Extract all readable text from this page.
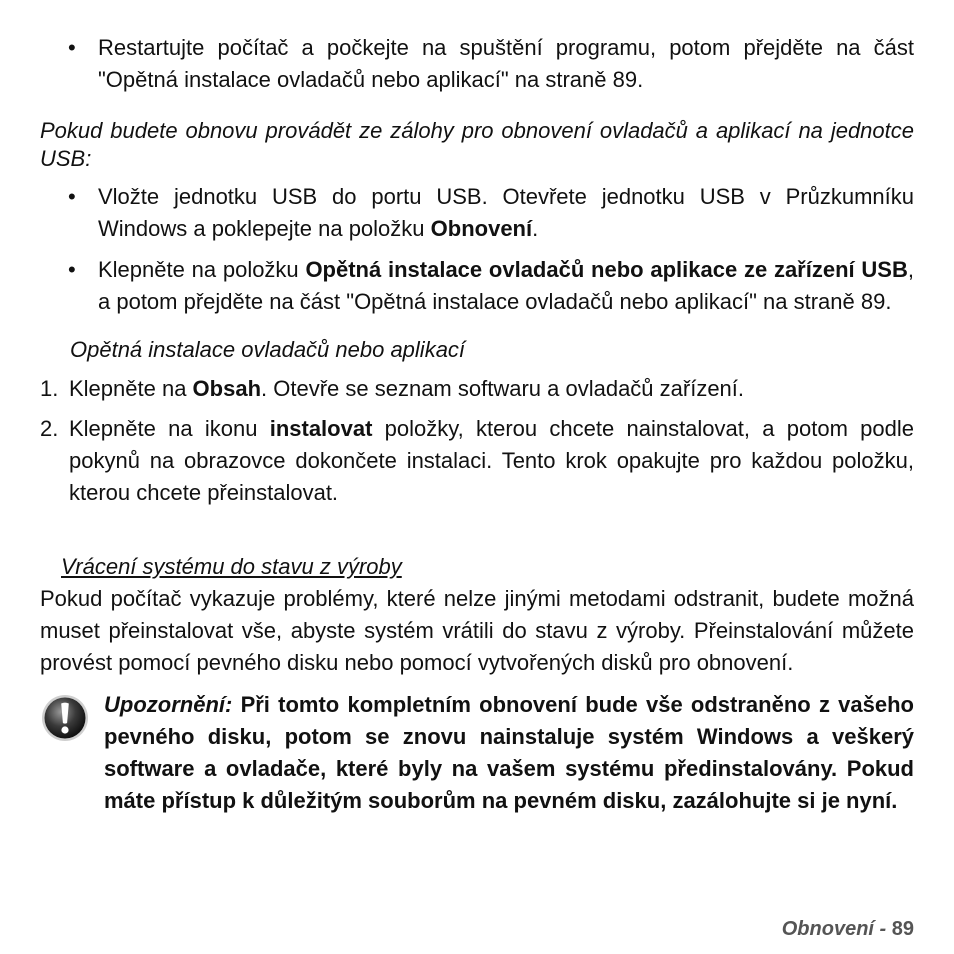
• Restartujte počítač a počkejte na spuštění programu, potom přejděte na část "Opětná instalace ovladačů nebo aplikací" na straně 89.

Pokud budete obnovu provádět ze zálohy pro obnovení ovladačů a aplikací na jednotce USB:

• Vložte jednotku USB do portu USB. Otevřete jednotku USB v Průzkumníku Windows a poklepejte na položku Obnovení.

• Klepněte na položku Opětná instalace ovladačů nebo aplikace ze zařízení USB, a potom přejděte na část "Opětná instalace ovladačů nebo aplikací" na straně 89.

Opětná instalace ovladačů nebo aplikací

1. Klepněte na Obsah. Otevře se seznam softwaru a ovladačů zařízení.

2. Klepněte na ikonu instalovat položky, kterou chcete nainstalovat, a potom podle pokynů na obrazovce dokončete instalaci. Tento krok opakujte pro každou položku, kterou chcete přeinstalovat.

Vrácení systému do stavu z výroby

Pokud počítač vykazuje problémy, které nelze jinými metodami odstranit, budete možná muset přeinstalovat vše, abyste systém vrátili do stavu z výroby. Přeinstalování můžete provést pomocí pevného disku nebo pomocí vytvořených disků pro obnovení.

Upozornění: Při tomto kompletním obnovení bude vše odstraněno z vašeho pevného disku, potom se znovu nainstaluje systém Windows a veškerý software a ovladače, které byly na vašem systému předinstalovány. Pokud máte přístup k důležitým souborům na pevném disku, zazálohujte si je nyní.

Obnovení - 89
